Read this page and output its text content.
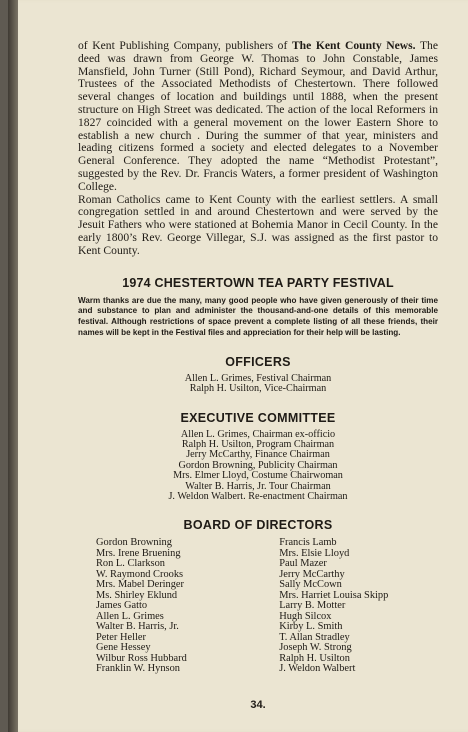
of Kent Publishing Company, publishers of The Kent County News. The deed was drawn from George W. Thomas to John Constable, James Mansfield, John Turner (Still Pond), Richard Seymour, and David Arthur, Trustees of the Associated Methodists of Chestertown. There followed several changes of location and buildings until 1888, when the present structure on High Street was dedicated. The action of the local Reformers in 1827 coincided with a general movement on the lower Eastern Shore to establish a new church . During the summer of that year, ministers and leading citizens formed a society and elected delegates to a November General Conference. They adopted the name “Methodist Protestant”, suggested by the Rev. Dr. Francis Waters, a former president of Washington College.

Roman Catholics came to Kent County with the earliest settlers. A small congregation settled in and around Chestertown and were served by the Jesuit Fathers who were stationed at Bohemia Manor in Cecil County. In the early 1800’s Rev. George Villegar, S.J. was assigned as the first pastor to Kent County.

1974 CHESTERTOWN TEA PARTY FESTIVAL

Warm thanks are due the many, many good people who have given generously of their time and substance to plan and administer the thousand-and-one details of this memorable festival. Although restrictions of space prevent a complete listing of all these friends, their names will be kept in the Festival files and appreciation for their help will be lasting.

OFFICERS
Allen L. Grimes, Festival Chairman
Ralph H. Usilton, Vice-Chairman
EXECUTIVE COMMITTEE
Allen L. Grimes, Chairman ex-officio
Ralph H. Usilton, Program Chairman
Jerry McCarthy, Finance Chairman
Gordon Browning, Publicity Chairman
Mrs. Elmer Lloyd, Costume Chairwoman
Walter B. Harris, Jr. Tour Chairman
J. Weldon Walbert. Re-enactment Chairman
BOARD OF DIRECTORS
Gordon Browning
Mrs. Irene Bruening
Ron L. Clarkson
W. Raymond Crooks
Mrs. Mabel Deringer
Ms. Shirley Eklund
James Gatto
Allen L. Grimes
Walter B. Harris, Jr.
Peter Heller
Gene Hessey
Wilbur Ross Hubbard
Franklin W. Hynson
Francis Lamb
Mrs. Elsie Lloyd
Paul Mazer
Jerry McCarthy
Sally McCown
Mrs. Harriet Louisa Skipp
Larry B. Motter
Hugh Silcox
Kirby L. Smith
T. Allan Stradley
Joseph W. Strong
Ralph H. Usilton
J. Weldon Walbert
34.
